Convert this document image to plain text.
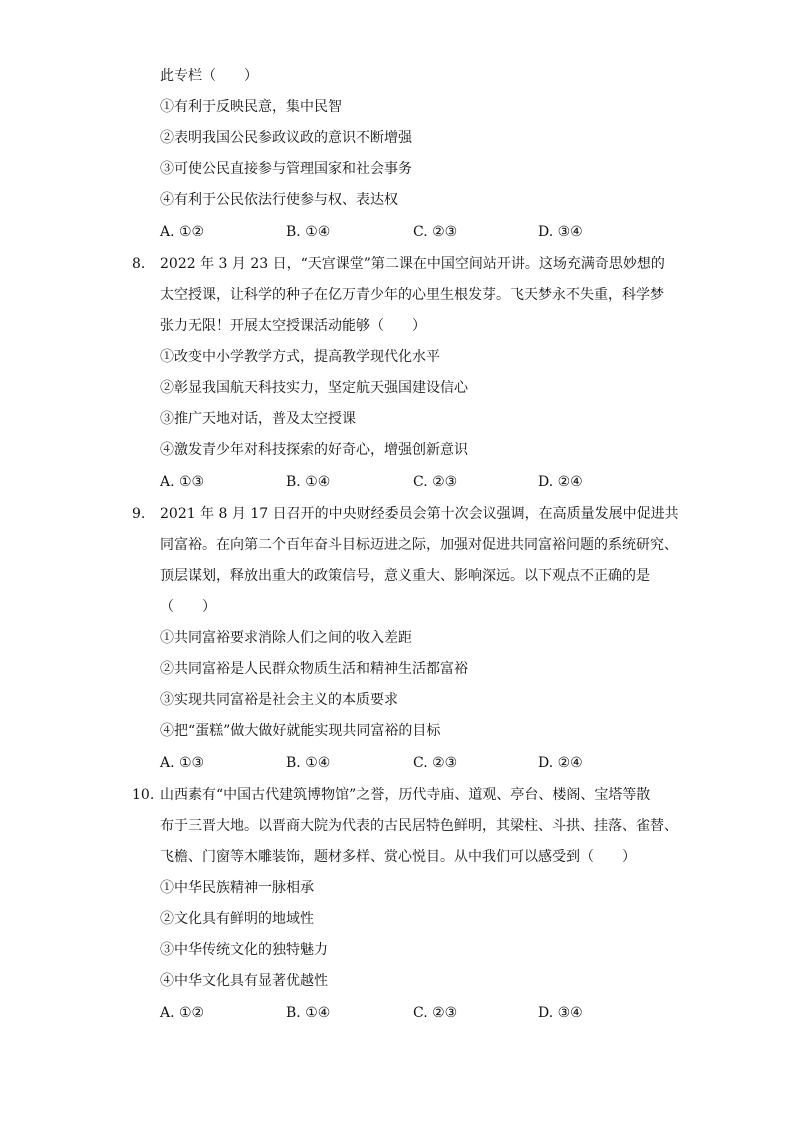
此专栏（　　）
①有利于反映民意，集中民智
②表明我国公民参政议政的意识不断增强
③可使公民直接参与管理国家和社会事务
④有利于公民依法行使参与权、表达权
A. ①②	B. ①④	C. ②③	D. ③④
8. 2022 年 3 月 23 日，“天宫课堂”第二课在中国空间站开讲。这场充满奇思妙想的
太空授课，让科学的种子在亿万青少年的心里生根发芽。飞天梦永不失重，科学梦
张力无限！开展太空授课活动能够（　　）
①改变中小学教学方式，提高教学现代化水平
②彰显我国航天科技实力，坚定航天强国建设信心
③推广天地对话，普及太空授课
④激发青少年对科技探索的好奇心，增强创新意识
A. ①③	B. ①④	C. ②③	D. ②④
9. 2021 年 8 月 17 日召开的中央财经委员会第十次会议强调，在高质量发展中促进共
同富裕。在向第二个百年奋斗目标迈进之际，加强对促进共同富裕问题的系统研究、
顶层谋划，释放出重大的政策信号，意义重大、影响深远。以下观点不正确的是
（　　）
①共同富裕要求消除人们之间的收入差距
②共同富裕是人民群众物质生活和精神生活都富裕
③实现共同富裕是社会主义的本质要求
④把“蛋糕”做大做好就能实现共同富裕的目标
A. ①③	B. ①④	C. ②③	D. ②④
10. 山西素有“中国古代建筑博物馆”之誉，历代寺庙、道观、亭台、楼阁、宝塔等散
布于三晋大地。以晋商大院为代表的古民居特色鲜明，其梁柱、斗拱、挂落、雀替、
飞檐、门窗等木雕装饰，题材多样、赏心悦目。从中我们可以感受到（　　）
①中华民族精神一脉相承
②文化具有鲜明的地域性
③中华传统文化的独特魅力
④中华文化具有显著优越性
A. ①②	B. ①④	C. ②③	D. ③④
